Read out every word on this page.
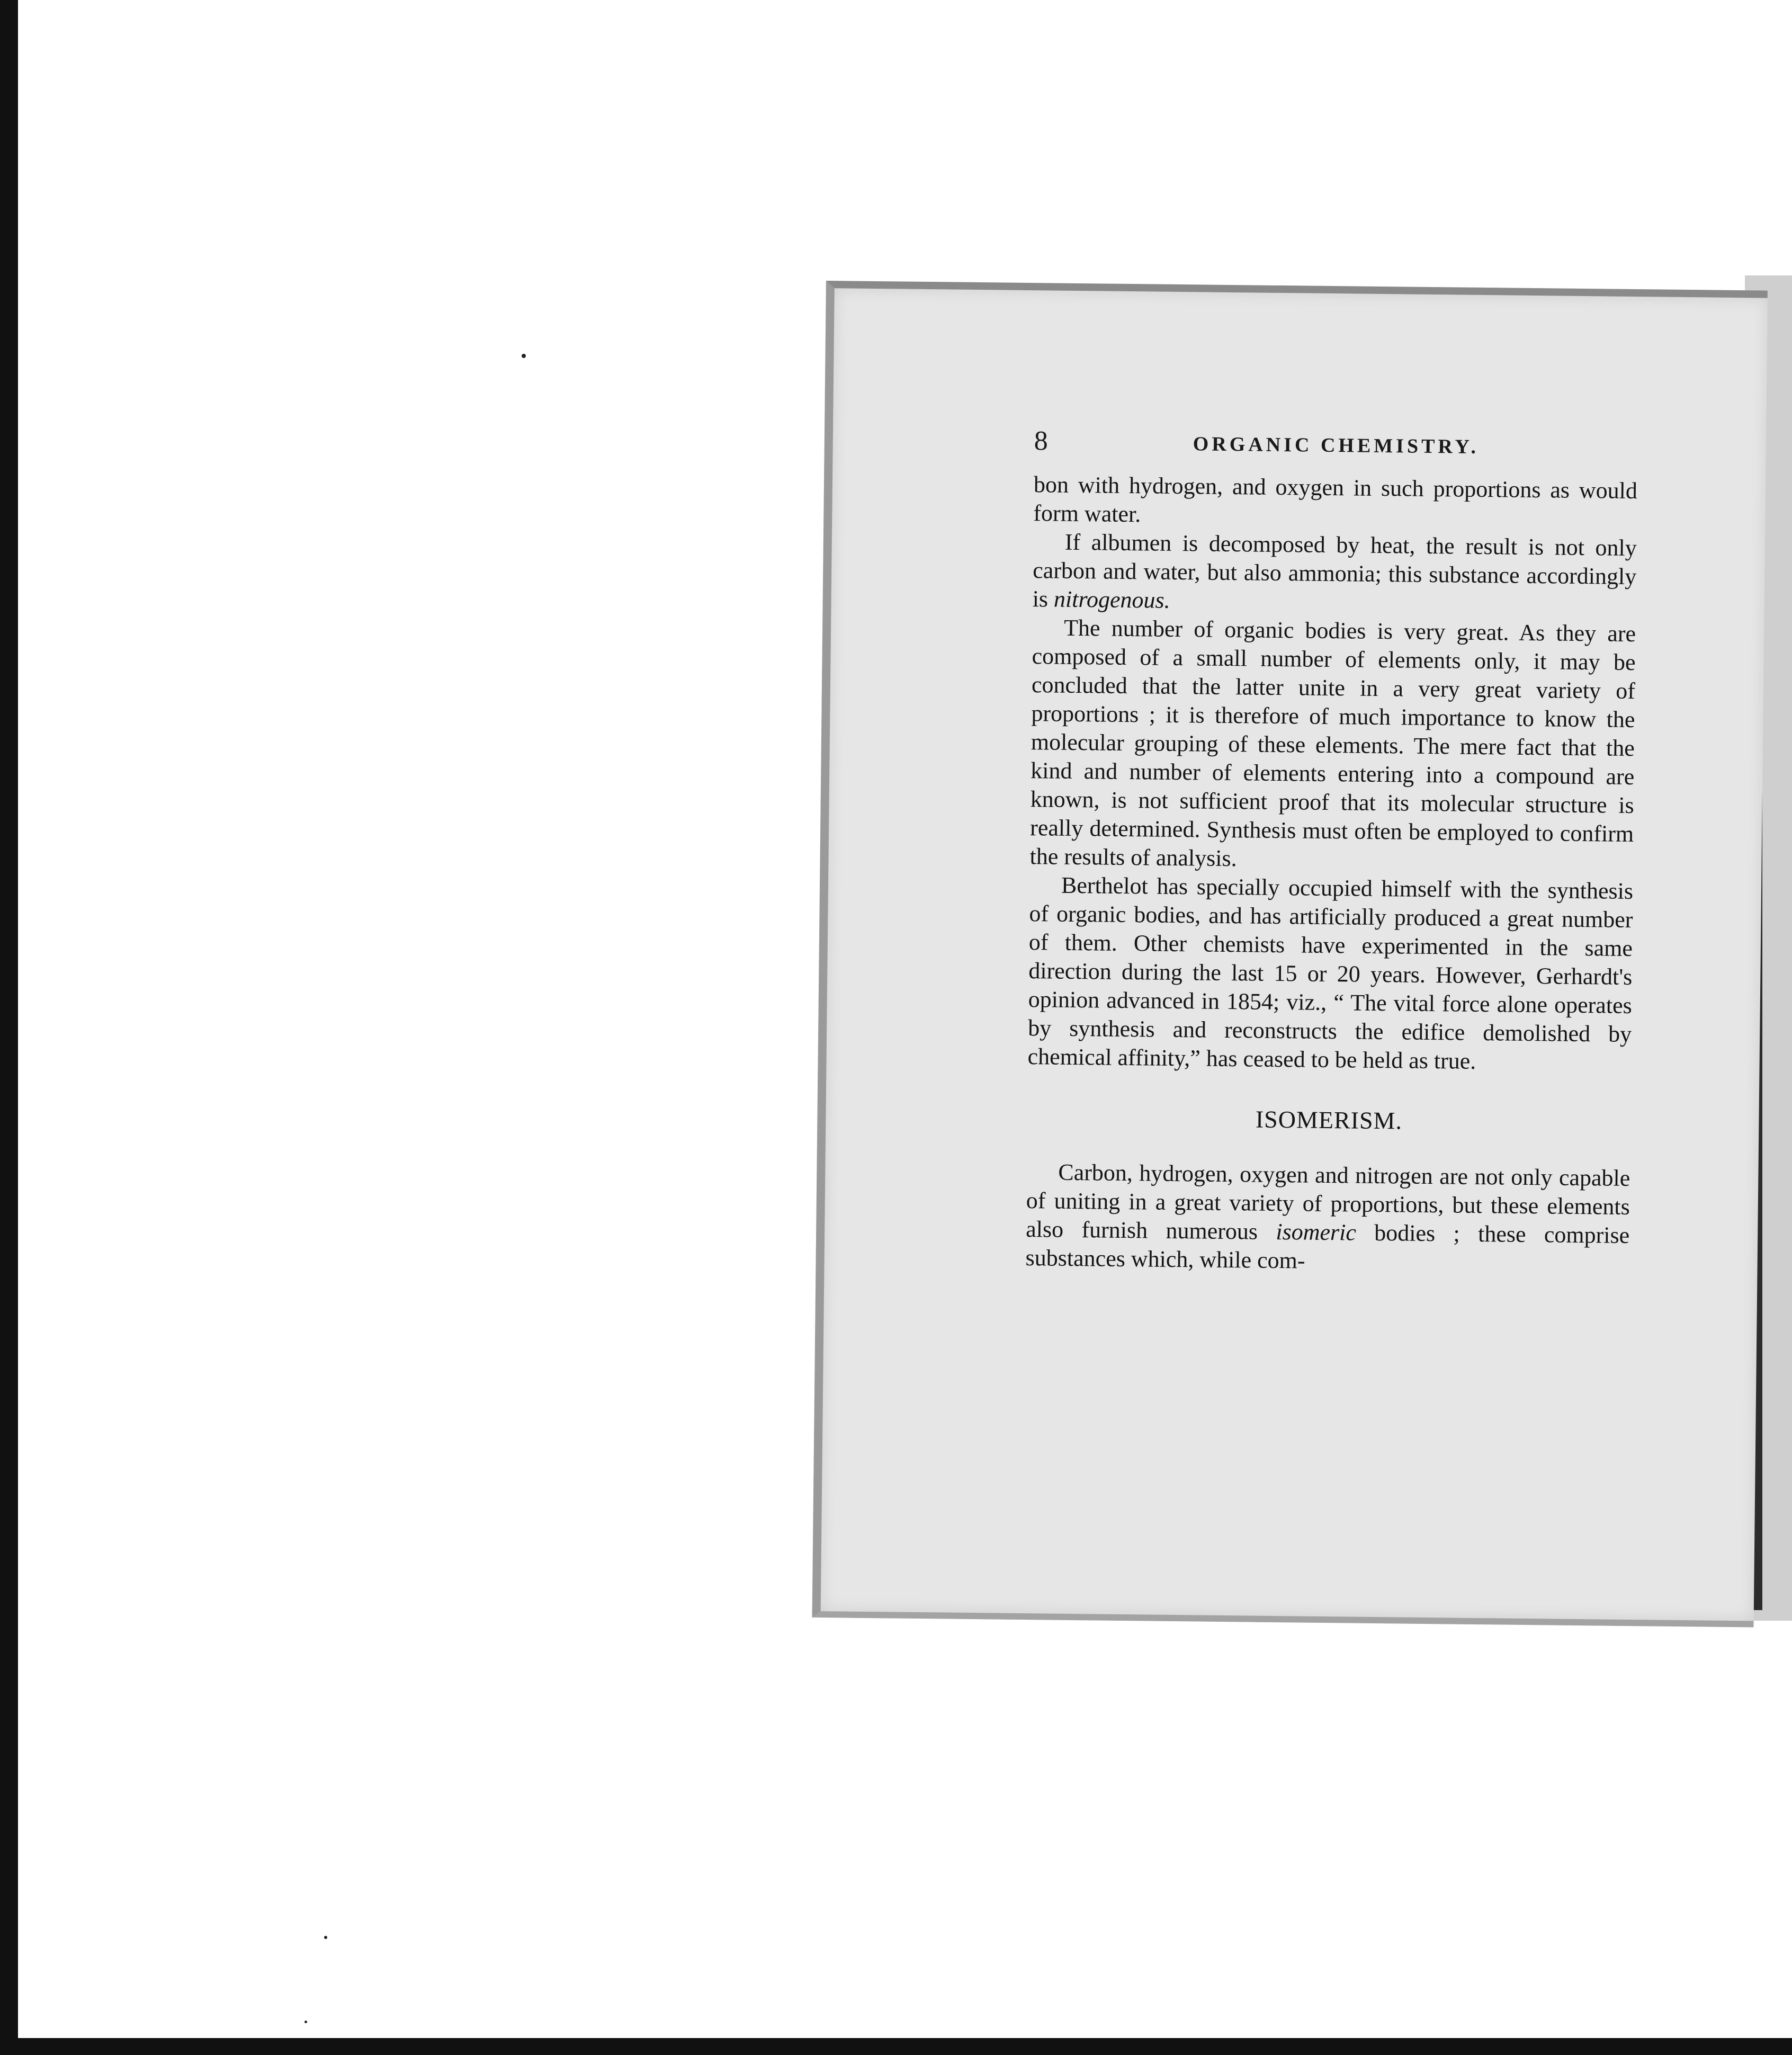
8	ORGANIC CHEMISTRY.

bon with hydrogen, and oxygen in such proportions as would form water.

If albumen is decomposed by heat, the result is not only carbon and water, but also ammonia; this substance accordingly is nitrogenous.

The number of organic bodies is very great. As they are composed of a small number of elements only, it may be concluded that the latter unite in a very great variety of proportions ; it is therefore of much importance to know the molecular grouping of these elements. The mere fact that the kind and number of elements entering into a compound are known, is not sufficient proof that its molecular structure is really determined. Synthesis must often be employed to confirm the results of analysis.

Berthelot has specially occupied himself with the synthesis of organic bodies, and has artificially produced a great number of them. Other chemists have experimented in the same direction during the last 15 or 20 years. However, Gerhardt's opinion advanced in 1854; viz., “ The vital force alone operates by synthesis and reconstructs the edifice demolished by chemical affinity,” has ceased to be held as true.

ISOMERISM.

Carbon, hydrogen, oxygen and nitrogen are not only capable of uniting in a great variety of proportions, but these elements also furnish numerous isomeric bodies ; these comprise substances which, while com-
